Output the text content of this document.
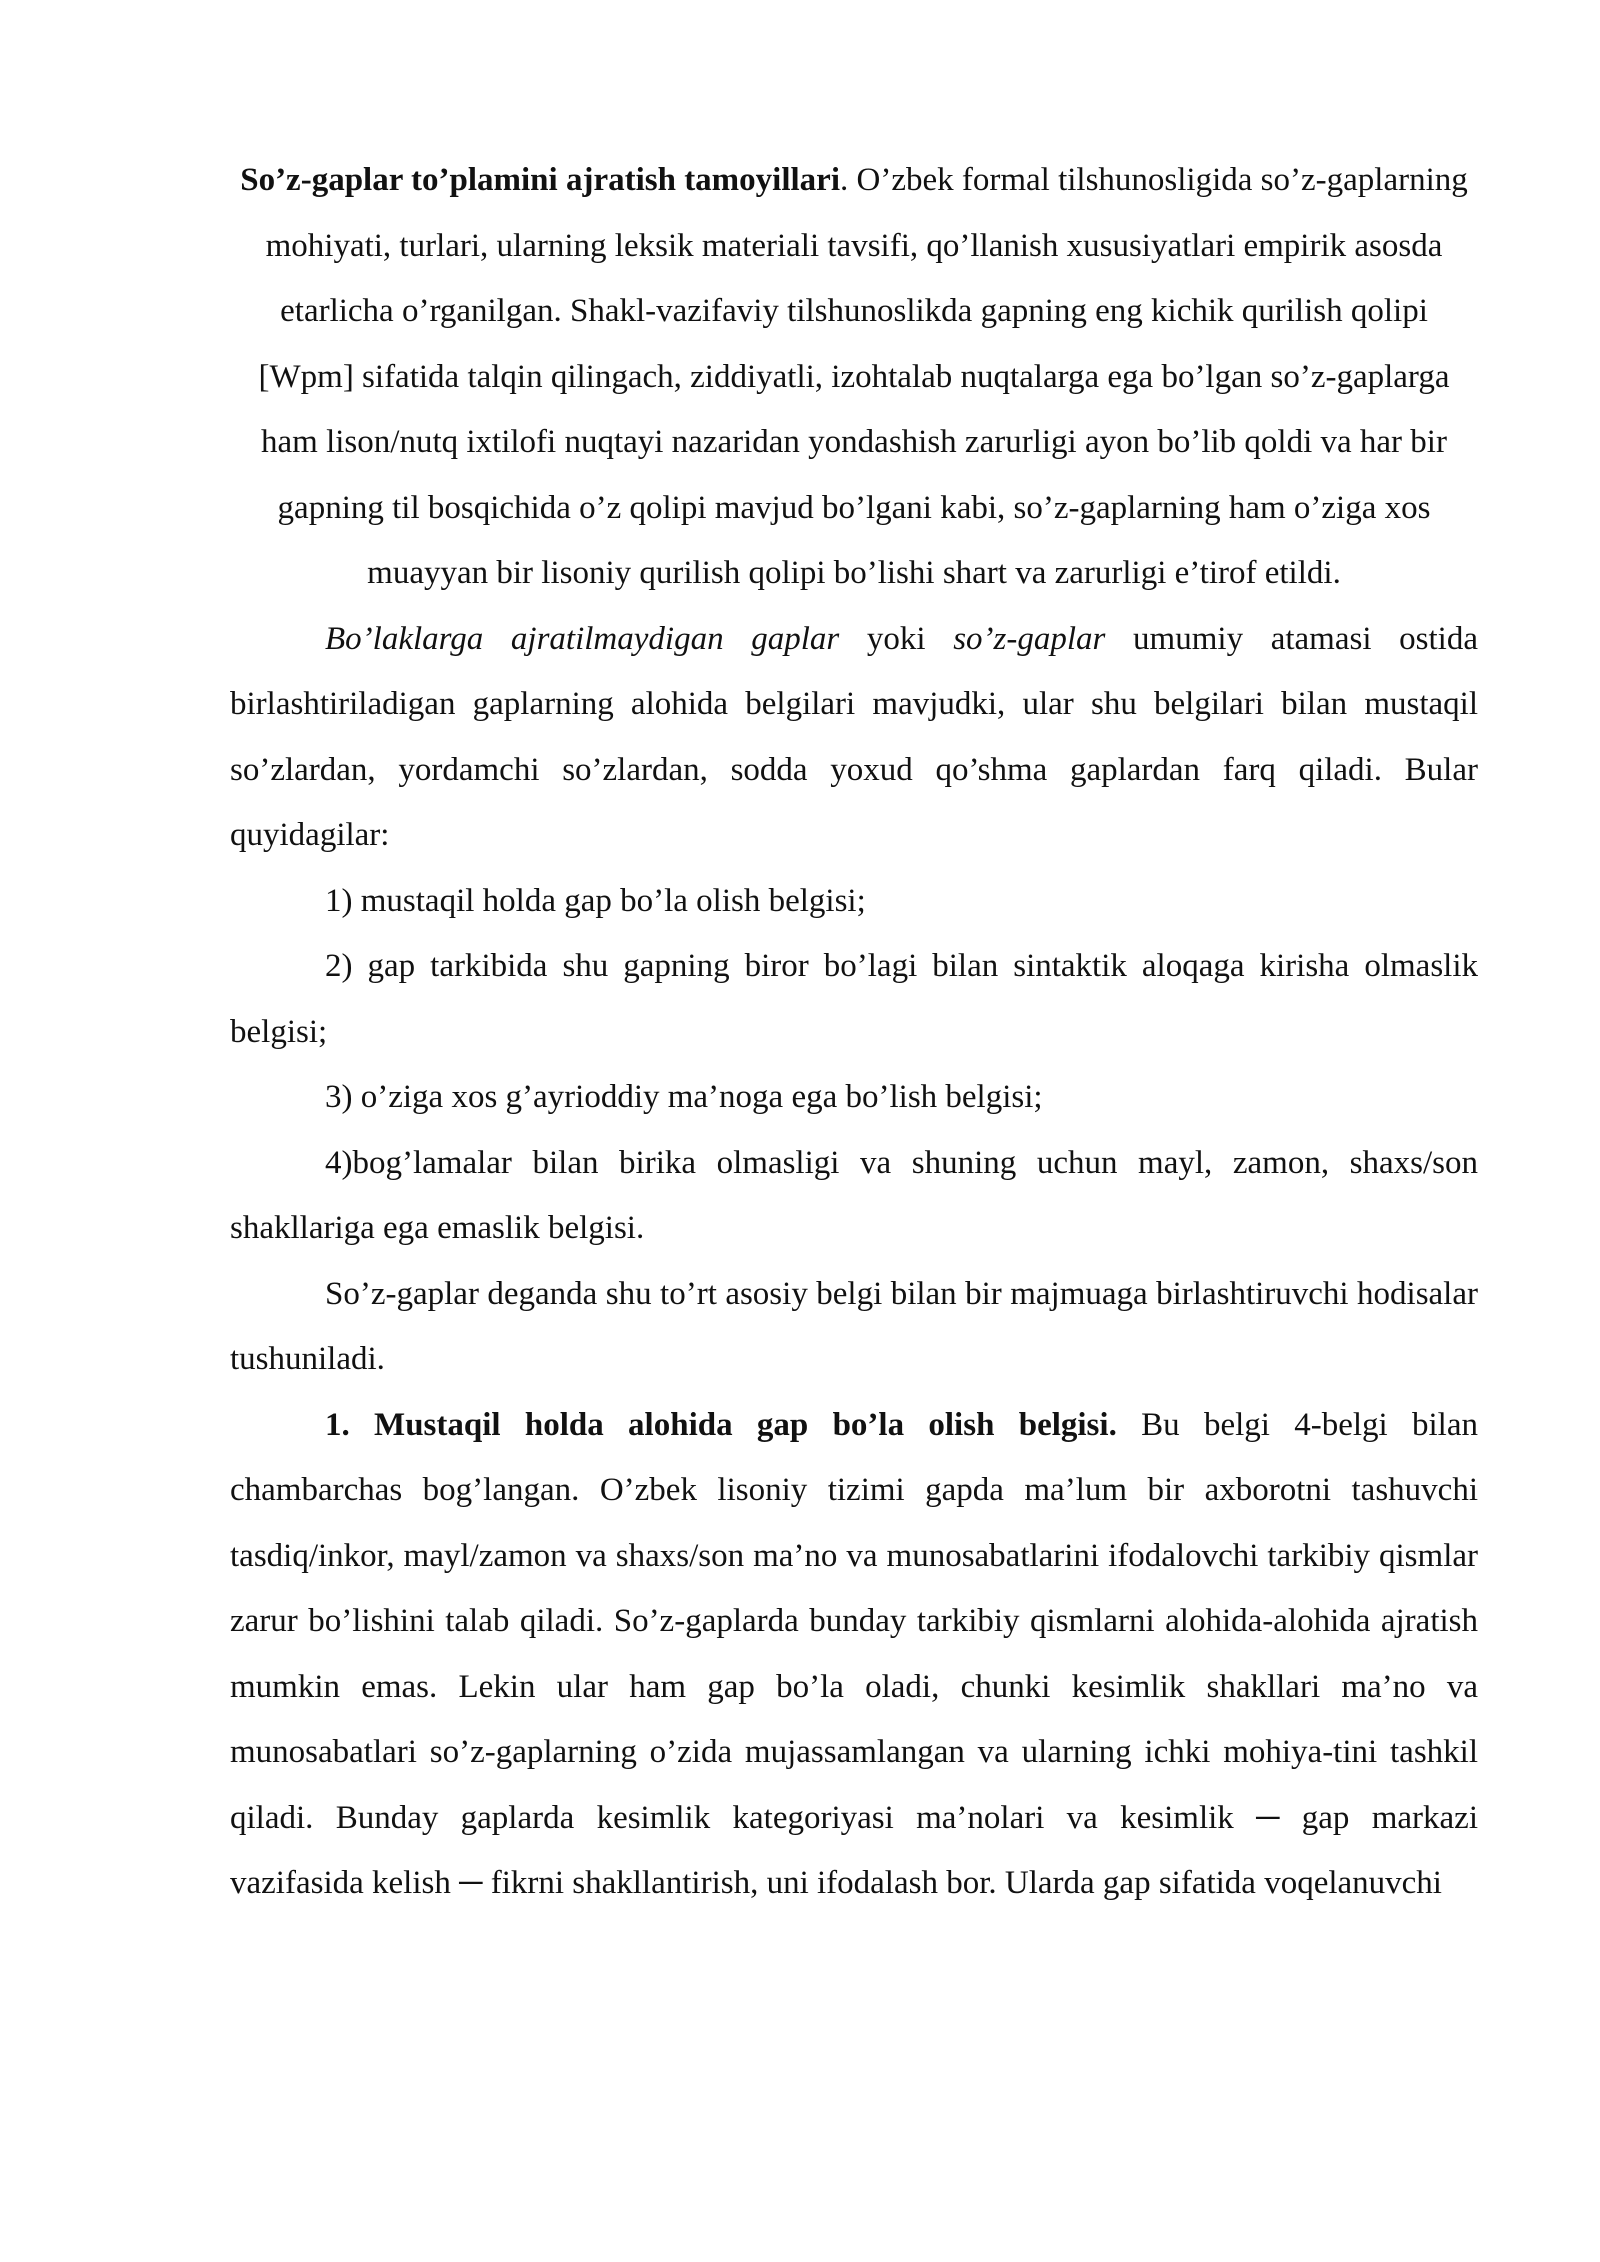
So’z-gaplar to’plamini ajratish tamoyillari. O’zbek formal tilshunosligida so’z-gaplarning mohiyati, turlari, ularning leksik materiali tavsifi, qo’llanish xususiyatlari empirik asosda etarlicha o’rganilgan. Shakl-vazifaviy tilshunoslikda gapning eng kichik qurilish qolipi [Wpm] sifatida talqin qilingach, ziddiyatli, izohtalab nuqtalarga ega bo’lgan so’z-gaplarga ham lison/nutq ixtilofi nuqtayi nazaridan yondashish zarurligi ayon bo’lib qoldi va har bir gapning til bosqichida o’z qolipi mavjud bo’lgani kabi, so’z-gaplarning ham o’ziga xos muayyan bir lisoniy qurilish qolipi bo’lishi shart va zarurligi e’tirof etildi.

Bo’laklarga ajratilmaydigan gaplar yoki so’z-gaplar umumiy atamasi ostida birlashtiriladigan gaplarning alohida belgilari mavjudki, ular shu belgilari bilan mustaqil so’zlardan, yordamchi so’zlardan, sodda yoxud qo’shma gaplardan farq qiladi. Bular quyidagilar:

1) mustaqil holda gap bo’la olish belgisi;

2) gap tarkibida shu gapning biror bo’lagi bilan sintaktik aloqaga kirisha olmaslik belgisi;

3) o’ziga xos g’ayrioddiy ma’noga ega bo’lish belgisi;

4)bog’lamalar bilan birika olmasligi va shuning uchun mayl, zamon, shaxs/son shakllariga ega emaslik belgisi.

So’z-gaplar deganda shu to’rt asosiy belgi bilan bir majmuaga birlashtiruvchi hodisalar tushuniladi.

1. Mustaqil holda alohida gap bo’la olish belgisi. Bu belgi 4-belgi bilan chambarchas bog’langan. O’zbek lisoniy tizimi gapda ma’lum bir axborotni tashuvchi tasdiq/inkor, mayl/zamon va shaxs/son ma’no va munosabatlarini ifodalovchi tarkibiy qismlar zarur bo’lishini talab qiladi. So’z-gaplarda bunday tarkibiy qismlarni alohida-alohida ajratish mumkin emas. Lekin ular ham gap bo’la oladi, chunki kesimlik shakllari ma’no va munosabatlari so’z-gaplarning o’zida mujassamlangan va ularning ichki mohiya-tini tashkil qiladi. Bunday gaplarda kesimlik kategoriyasi ma’nolari va kesimlik ─ gap markazi vazifasida kelish ─ fikrni shakllantirish, uni ifodalash bor. Ularda gap sifatida voqelanuvchi
